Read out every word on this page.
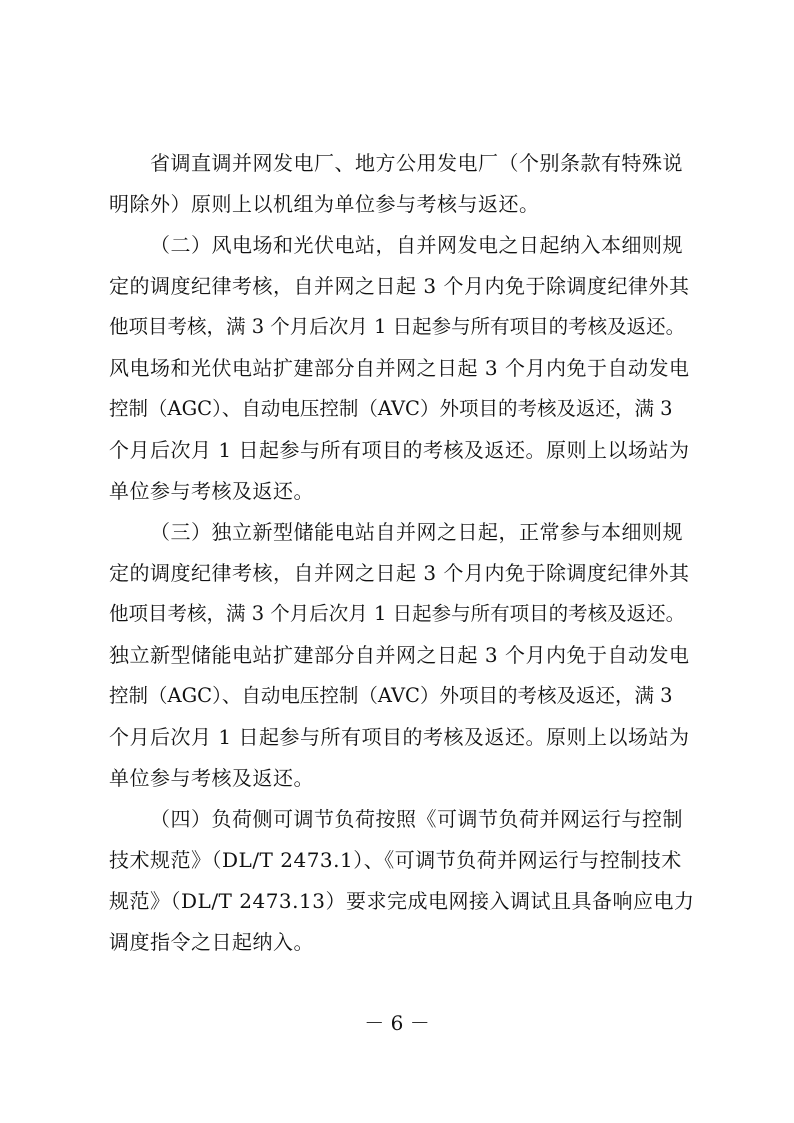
省调直调并网发电厂、地方公用发电厂（个别条款有特殊说
明除外）原则上以机组为单位参与考核与返还。
（二）风电场和光伏电站，自并网发电之日起纳入本细则规
定的调度纪律考核，自并网之日起 3 个月内免于除调度纪律外其
他项目考核，满 3 个月后次月 1 日起参与所有项目的考核及返还。
风电场和光伏电站扩建部分自并网之日起 3 个月内免于自动发电
控制（AGC）、自动电压控制（AVC）外项目的考核及返还，满 3
个月后次月 1 日起参与所有项目的考核及返还。原则上以场站为
单位参与考核及返还。
（三）独立新型储能电站自并网之日起，正常参与本细则规
定的调度纪律考核，自并网之日起 3 个月内免于除调度纪律外其
他项目考核，满 3 个月后次月 1 日起参与所有项目的考核及返还。
独立新型储能电站扩建部分自并网之日起 3 个月内免于自动发电
控制（AGC）、自动电压控制（AVC）外项目的考核及返还，满 3
个月后次月 1 日起参与所有项目的考核及返还。原则上以场站为
单位参与考核及返还。
（四）负荷侧可调节负荷按照《可调节负荷并网运行与控制
技术规范》（DL/T 2473.1）、《可调节负荷并网运行与控制技术
规范》（DL/T 2473.13）要求完成电网接入调试且具备响应电力
调度指令之日起纳入。
－ 6 －
